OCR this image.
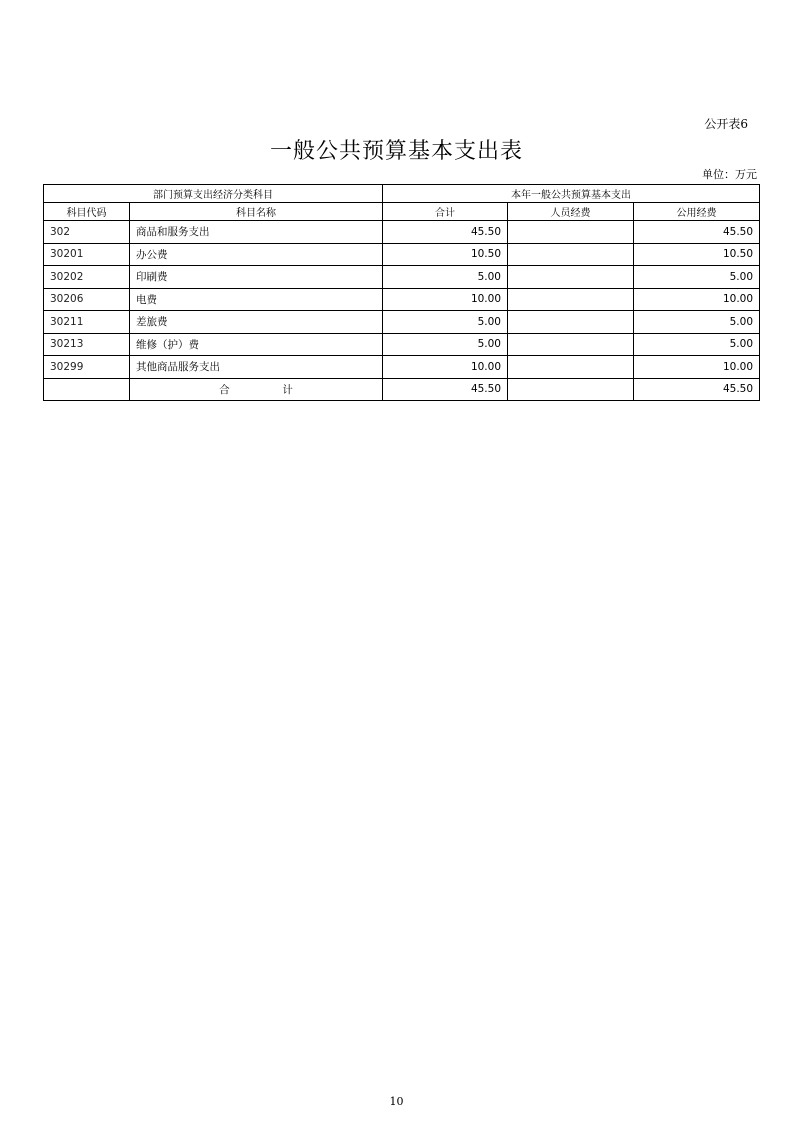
公开表6
一般公共预算基本支出表
单位：万元
部门预算支出经济分类科目		本年一般公共预算基本支出		
科目代码	科目名称	合计	人员经费	公用经费
302	商品和服务支出	45.50		45.50
30201	办公费	10.50		10.50
30202	印刷费	5.00		5.00
30206	电费	10.00		10.00
30211	差旅费	5.00		5.00
30213	维修（护）费	5.00		5.00
30299	其他商品服务支出	10.00		10.00
	合 计	45.50		45.50
10
